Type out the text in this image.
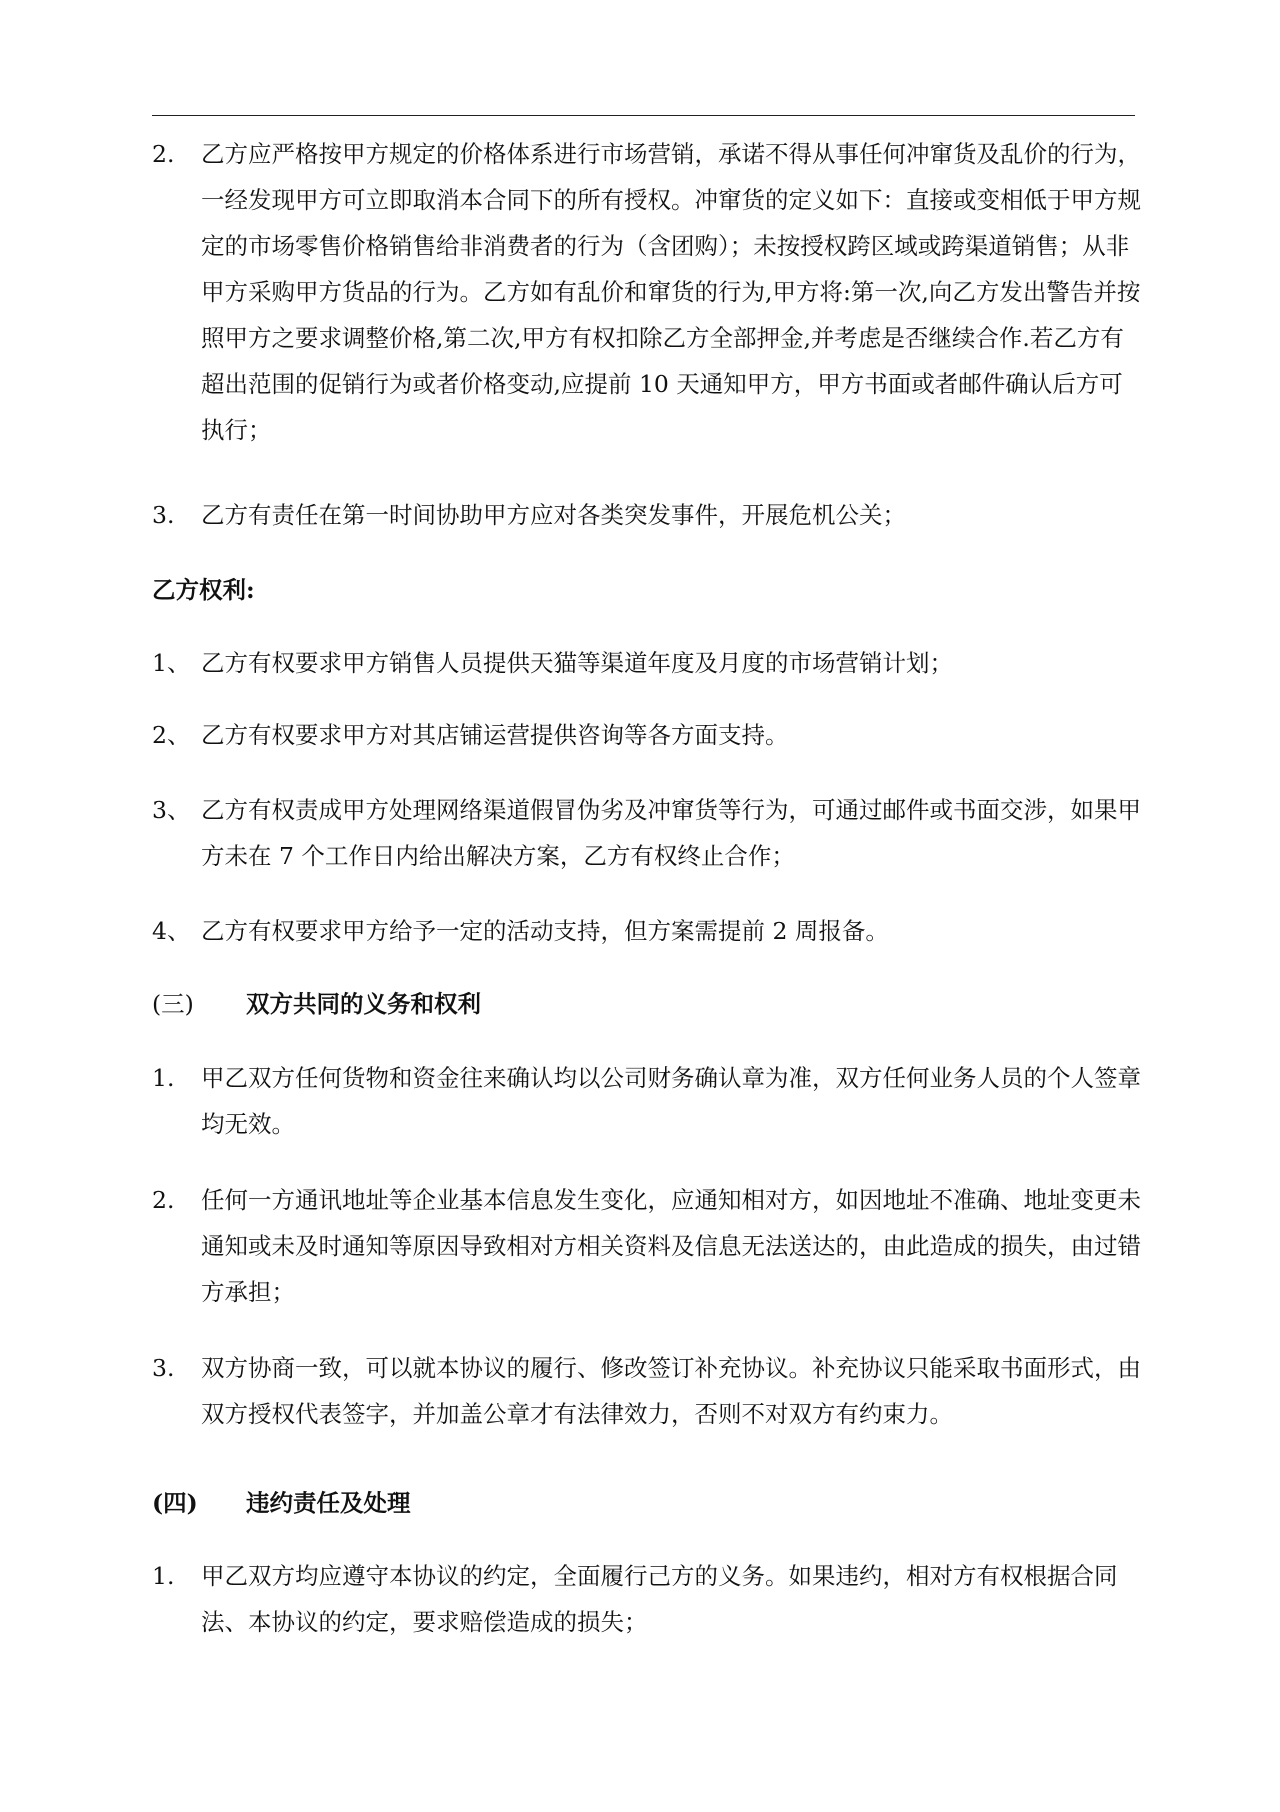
2. 乙方应严格按甲方规定的价格体系进行市场营销，承诺不得从事任何冲窜货及乱价的行为，一经发现甲方可立即取消本合同下的所有授权。冲窜货的定义如下：直接或变相低于甲方规定的市场零售价格销售给非消费者的行为（含团购）；未按授权跨区域或跨渠道销售；从非甲方采购甲方货品的行为。乙方如有乱价和窜货的行为,甲方将:第一次,向乙方发出警告并按照甲方之要求调整价格,第二次,甲方有权扣除乙方全部押金,并考虑是否继续合作.若乙方有超出范围的促销行为或者价格变动,应提前 10 天通知甲方，甲方书面或者邮件确认后方可执行；
3. 乙方有责任在第一时间协助甲方应对各类突发事件，开展危机公关；
乙方权利:
1、 乙方有权要求甲方销售人员提供天猫等渠道年度及月度的市场营销计划；
2、 乙方有权要求甲方对其店铺运营提供咨询等各方面支持。
3、 乙方有权责成甲方处理网络渠道假冒伪劣及冲窜货等行为，可通过邮件或书面交涉，如果甲方未在 7 个工作日内给出解决方案，乙方有权终止合作；
4、 乙方有权要求甲方给予一定的活动支持，但方案需提前 2 周报备。
(三) 双方共同的义务和权利
1. 甲乙双方任何货物和资金往来确认均以公司财务确认章为准，双方任何业务人员的个人签章均无效。
2. 任何一方通讯地址等企业基本信息发生变化，应通知相对方，如因地址不准确、地址变更未通知或未及时通知等原因导致相对方相关资料及信息无法送达的，由此造成的损失，由过错方承担；
3. 双方协商一致，可以就本协议的履行、修改签订补充协议。补充协议只能采取书面形式，由双方授权代表签字，并加盖公章才有法律效力，否则不对双方有约束力。
(四) 违约责任及处理
1. 甲乙双方均应遵守本协议的约定，全面履行己方的义务。如果违约，相对方有权根据合同法、本协议的约定，要求赔偿造成的损失；
